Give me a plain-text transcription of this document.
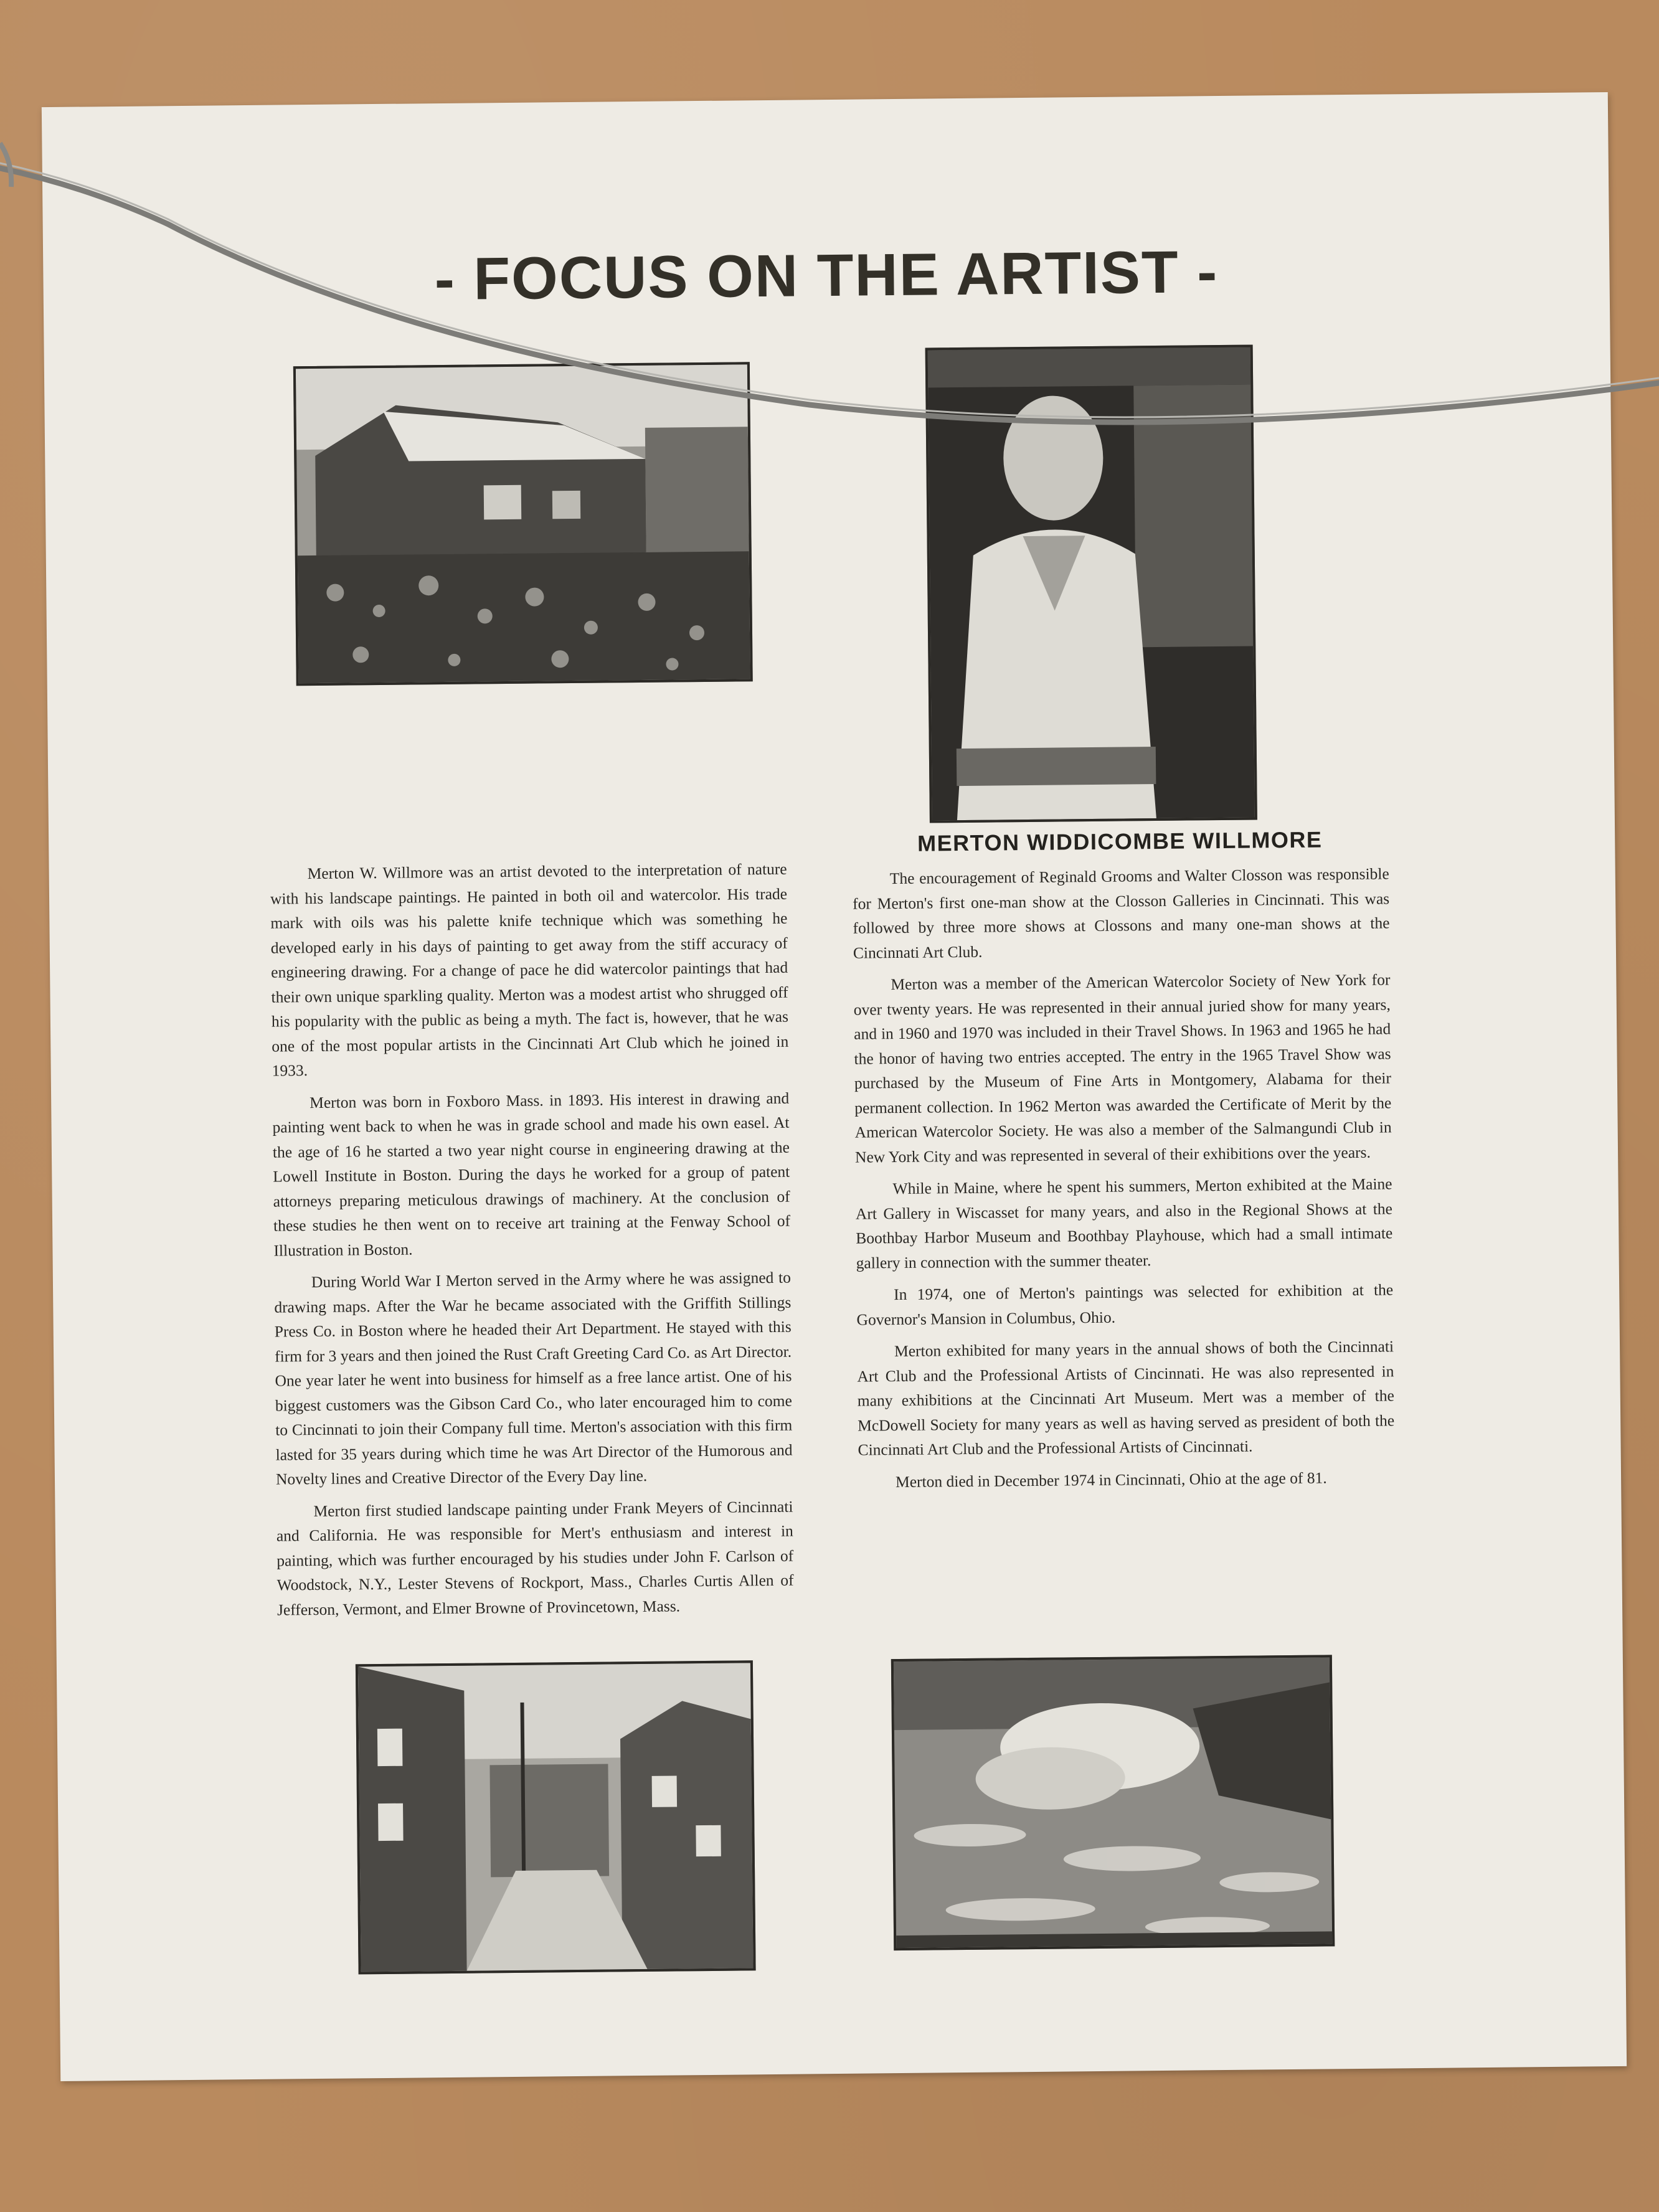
- FOCUS ON THE ARTIST -

Merton W. Willmore was an artist devoted to the interpretation of nature with his landscape paintings. He painted in both oil and watercolor. His trade mark with oils was his palette knife technique which was something he developed early in his days of painting to get away from the stiff accuracy of engineering drawing. For a change of pace he did watercolor paintings that had their own unique sparkling quality. Merton was a modest artist who shrugged off his popularity with the public as being a myth. The fact is, however, that he was one of the most popular artists in the Cincinnati Art Club which he joined in 1933.

Merton was born in Foxboro Mass. in 1893. His interest in drawing and painting went back to when he was in grade school and made his own easel. At the age of 16 he started a two year night course in engineering drawing at the Lowell Institute in Boston. During the days he worked for a group of patent attorneys preparing meticulous drawings of machinery. At the conclusion of these studies he then went on to receive art training at the Fenway School of Illustration in Boston.

During World War I Merton served in the Army where he was assigned to drawing maps. After the War he became associated with the Griffith Stillings Press Co. in Boston where he headed their Art Department. He stayed with this firm for 3 years and then joined the Rust Craft Greeting Card Co. as Art Director. One year later he went into business for himself as a free lance artist. One of his biggest customers was the Gibson Card Co., who later encouraged him to come to Cincinnati to join their Company full time. Merton's association with this firm lasted for 35 years during which time he was Art Director of the Humorous and Novelty lines and Creative Director of the Every Day line.

Merton first studied landscape painting under Frank Meyers of Cincinnati and California. He was responsible for Mert's enthusiasm and interest in painting, which was further encouraged by his studies under John F. Carlson of Woodstock, N.Y., Lester Stevens of Rockport, Mass., Charles Curtis Allen of Jefferson, Vermont, and Elmer Browne of Provincetown, Mass.

MERTON WIDDICOMBE WILLMORE

The encouragement of Reginald Grooms and Walter Closson was responsible for Merton's first one-man show at the Closson Galleries in Cincinnati. This was followed by three more shows at Clossons and many one-man shows at the Cincinnati Art Club.

Merton was a member of the American Watercolor Society of New York for over twenty years. He was represented in their annual juried show for many years, and in 1960 and 1970 was included in their Travel Shows. In 1963 and 1965 he had the honor of having two entries accepted. The entry in the 1965 Travel Show was purchased by the Museum of Fine Arts in Montgomery, Alabama for their permanent collection. In 1962 Merton was awarded the Certificate of Merit by the American Watercolor Society. He was also a member of the Salmangundi Club in New York City and was represented in several of their exhibitions over the years.

While in Maine, where he spent his summers, Merton exhibited at the Maine Art Gallery in Wiscasset for many years, and also in the Regional Shows at the Boothbay Harbor Museum and Boothbay Playhouse, which had a small intimate gallery in connection with the summer theater.

In 1974, one of Merton's paintings was selected for exhibition at the Governor's Mansion in Columbus, Ohio.

Merton exhibited for many years in the annual shows of both the Cincinnati Art Club and the Professional Artists of Cincinnati. He was also represented in many exhibitions at the Cincinnati Art Museum. Mert was a member of the McDowell Society for many years as well as having served as president of both the Cincinnati Art Club and the Professional Artists of Cincinnati.

Merton died in December 1974 in Cincinnati, Ohio at the age of 81.
